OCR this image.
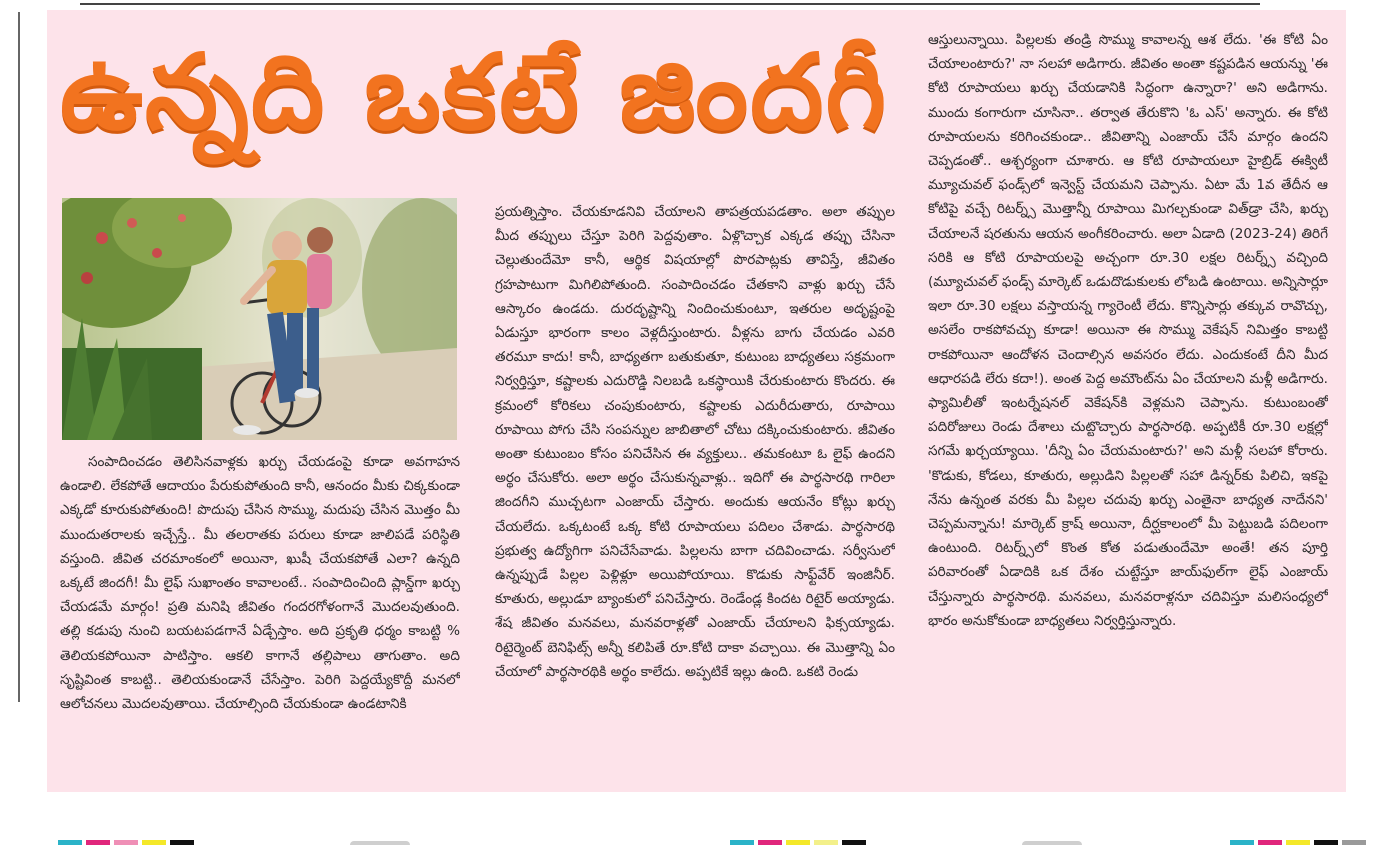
ఉన్నది ఒకటే జిందగీ

సంపాదించడం తెలిసినవాళ్లకు ఖర్చు చేయడంపై కూడా అవగాహన ఉండాలి. లేకపోతే ఆదాయం పేరుకుపోతుంది కానీ, ఆనందం మీకు చిక్కకుండా ఎక్కడో కూరుకుపోతుంది! పొదుపు చేసిన సొమ్ము, మదుపు చేసిన మొత్తం మీ ముందుతరాలకు ఇచ్చేస్తే.. మీ తలరాతకు పరులు కూడా జాలిపడే పరిస్థితి వస్తుంది. జీవిత చరమాంకంలో అయినా, ఖుషీ చేయకపోతే ఎలా? ఉన్నది ఒక్కటే జిందగీ! మీ లైఫ్ సుఖాంతం కావాలంటే.. సంపాదించింది ప్లాన్డ్‌గా ఖర్చు చేయడమే మార్గం! ప్రతి మనిషి జీవితం గందరగోళంగానే మొదలవుతుంది. తల్లి కడుపు నుంచి బయటపడగానే ఏడ్చేస్తాం. అది ప్రకృతి ధర్మం కాబట్టి % తెలియకపోయినా పాటిస్తాం. ఆకలి కాగానే తల్లిపాలు తాగుతాం. అది సృష్టివింత కాబట్టి.. తెలియకుండానే చేసేస్తాం. పెరిగి పెద్దయ్యేకొద్దీ మనలో ఆలోచనలు మొదలవుతాయి. చేయాల్సింది చేయకుండా ఉండటానికి

ప్రయత్నిస్తాం. చేయకూడనివి చేయాలని తాపత్రయపడతాం. అలా తప్పుల మీద తప్పులు చేస్తూ పెరిగి పెద్దవుతాం. ఏళ్లొచ్చాక ఎక్కడ తప్పు చేసినా చెల్లుతుందేమో కానీ, ఆర్థిక విషయాల్లో పొరపాట్లకు తావిస్తే, జీవితం గ్రహపాటుగా మిగిలిపోతుంది. సంపాదించడం చేతకాని వాళ్లు ఖర్చు చేసే ఆస్కారం ఉండదు. దురదృష్టాన్ని నిందించుకుంటూ, ఇతరుల అదృష్టంపై ఏడుస్తూ భారంగా కాలం వెళ్లదీస్తుంటారు. వీళ్లను బాగు చేయడం ఎవరి తరమూ కాదు! కానీ, బాధ్యతగా బతుకుతూ, కుటుంబ బాధ్యతలు సక్రమంగా నిర్వర్తిస్తూ, కష్టాలకు ఎదురొడ్డి నిలబడి ఒకస్థాయికి చేరుకుంటారు కొందరు. ఈ క్రమంలో కోరికలు చంపుకుంటారు, కష్టాలకు ఎదురీదుతారు, రూపాయి రూపాయి పోగు చేసి సంపన్నుల జాబితాలో చోటు దక్కించుకుంటారు. జీవితం అంతా కుటుంబం కోసం పనిచేసిన ఈ వ్యక్తులు.. తమకంటూ ఓ లైఫ్ ఉందని అర్థం చేసుకోరు. అలా అర్థం చేసుకున్నవాళ్లు.. ఇదిగో ఈ పార్థసారథి గారిలా జిందగీని ముచ్చటగా ఎంజాయ్ చేస్తారు. అందుకు ఆయనేం కోట్లు ఖర్చు చేయలేదు. ఒక్కటంటే ఒక్క కోటి రూపాయలు పదిలం చేశాడు. పార్థసారథి ప్రభుత్వ ఉద్యోగిగా పనిచేసేవాడు. పిల్లలను బాగా చదివించాడు. సర్వీసులో ఉన్నప్పుడే పిల్లల పెళ్లిళ్లూ అయిపోయాయి. కొడుకు సాఫ్ట్‌వేర్ ఇంజినీర్. కూతురు, అల్లుడూ బ్యాంకులో పనిచేస్తారు. రెండేండ్ల కిందట రిటైర్ అయ్యాడు. శేష జీవితం మనవలు, మనవరాళ్లతో ఎంజాయ్ చేయాలని ఫిక్సయ్యాడు. రిటైర్మెంట్ బెనిఫిట్స్ అన్నీ కలిపితే రూ.కోటి దాకా వచ్చాయి. ఈ మొత్తాన్ని ఏం చేయాలో పార్థసారథికి అర్థం కాలేదు. అప్పటికే ఇల్లు ఉంది. ఒకటి రెండు

ఆస్తులున్నాయి. పిల్లలకు తండ్రి సొమ్ము కావాలన్న ఆశ లేదు. 'ఈ కోటి ఏం చేయాలంటారు?' నా సలహా అడిగారు. జీవితం అంతా కష్టపడిన ఆయన్ను 'ఈ కోటి రూపాయలు ఖర్చు చేయడానికి సిద్ధంగా ఉన్నారా?' అని అడిగాను. ముందు కంగారుగా చూసినా.. తర్వాత తేరుకొని 'ఓ ఎస్' అన్నారు. ఈ కోటి రూపాయలను కరిగించకుండా.. జీవితాన్ని ఎంజాయ్ చేసే మార్గం ఉందని చెప్పడంతో.. ఆశ్చర్యంగా చూశారు. ఆ కోటి రూపాయలూ హైబ్రిడ్ ఈక్విటీ మ్యూచువల్ ఫండ్స్‌లో ఇన్వెస్ట్ చేయమని చెప్పాను. ఏటా మే 1వ తేదీన ఆ కోటిపై వచ్చే రిటర్న్స్ మొత్తాన్నీ రూపాయి మిగల్చకుండా విత్‌డ్రా చేసి, ఖర్చు చేయాలనే షరతును ఆయన అంగీకరించారు. అలా ఏడాది (2023-24) తిరిగే సరికి ఆ కోటి రూపాయలపై అచ్చంగా రూ.30 లక్షల రిటర్న్స్ వచ్చింది (మ్యూచువల్ ఫండ్స్ మార్కెట్ ఒడుదొడుకులకు లోబడి ఉంటాయి. అన్నిసార్లూ ఇలా రూ.30 లక్షలు వస్తాయన్న గ్యారెంటీ లేదు. కొన్నిసార్లు తక్కువ రావొచ్చు, అసలేం రాకపోవచ్చు కూడా! అయినా ఈ సొమ్ము వెకేషన్ నిమిత్తం కాబట్టి రాకపోయినా ఆందోళన చెందాల్సిన అవసరం లేదు. ఎందుకంటే దీని మీద ఆధారపడి లేరు కదా!). అంత పెద్ద అమౌంట్‌ను ఏం చేయాలని మళ్లీ అడిగారు. ఫ్యామిలీతో ఇంటర్నేషనల్ వెకేషన్‌కి వెళ్లమని చెప్పాను. కుటుంబంతో పదిరోజులు రెండు దేశాలు చుట్టొచ్చారు పార్థసారథి. అప్పటికీ రూ.30 లక్షల్లో సగమే ఖర్చయ్యాయి. 'దీన్ని ఏం చేయమంటారు?' అని మళ్లీ సలహా కోరారు. 'కొడుకు, కోడలు, కూతురు, అల్లుడిని పిల్లలతో సహా డిన్నర్‌కు పిలిచి, ఇకపై నేను ఉన్నంత వరకు మీ పిల్లల చదువు ఖర్చు ఎంతైనా బాధ్యత నాదేనని' చెప్పమన్నాను! మార్కెట్ క్రాష్ అయినా, దీర్ఘకాలంలో మీ పెట్టుబడి పదిలంగా ఉంటుంది. రిటర్న్స్‌లో కొంత కోత పడుతుందేమో అంతే! తన పూర్తి పరివారంతో ఏడాదికి ఒక దేశం చుట్టేస్తూ జాయ్‌ఫుల్‌గా లైఫ్ ఎంజాయ్ చేస్తున్నారు పార్థసారథి. మనవలు, మనవరాళ్లనూ చదివిస్తూ మలిసంధ్యలో భారం అనుకోకుండా బాధ్యతలు నిర్వర్తిస్తున్నారు.
